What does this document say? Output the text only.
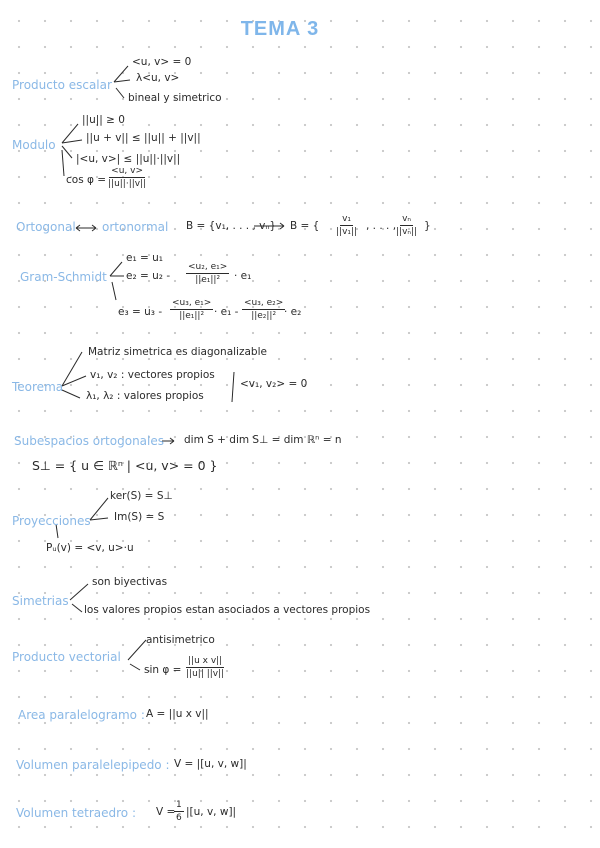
TEMA 3
Producto escalar
<u, v> = 0
λ<u, v>
bineal y simetrico
Modulo
||u|| ≥ 0
||u + v|| ≤ ||u|| + ||v||
|<u, v>| ≤ ||u||·||v||
$\cos \varphi = \frac{<u, v>}{||u||\cdot||v||}$
Ortogonal ortonormal B = {v₁, . . . , vₙ} B = { $\frac{\text{v₁}}{\text{||v₁||}}$ , . . . , $\frac{\text{vₙ}}{\text{||vₙ||}}$ }
Gram-Schmidt
e₁ = u₁
$e_2 = u_2 - \frac{\text{<u₂, e₁>}}{\text{||e₁||²}} \cdot e_1$
$e_3 = u_3 - \frac{\text{<u₃, e₁>}}{\text{||e₁||²}} \cdot e_1 - \frac{\text{<u₃, e₂>}}{\text{||e₂||²}}$
· e₂
Teorema
Matriz simetrica es diagonalizable
v₁, v₂ : vectores propios
λ₁, λ₂ : valores propios
<v₁, v₂> = 0
Subespacios ortogonales dim S + dim S⊥ = dim ℝⁿ = n
S⊥ = { u ∈ ℝⁿ | <u, v> = 0 }
Proyecciones
ker(S) = S⊥
Im(S) = S
Pᵤ(v) = <v, u>·u
Simetrias
son biyectivas
los valores propios estan asociados a vectores propios
Producto vectorial
antisimetrico
$\sin \varphi = \frac{\text{||u x v||}}{||u|| ||v||}$
Area paralelogramo : A = ||u x v||
Volumen paralelepipedo : V = |[u, v, w]|
Volumen tetraedro : V =
$\frac{1}{6} |[u$, v, w]|
